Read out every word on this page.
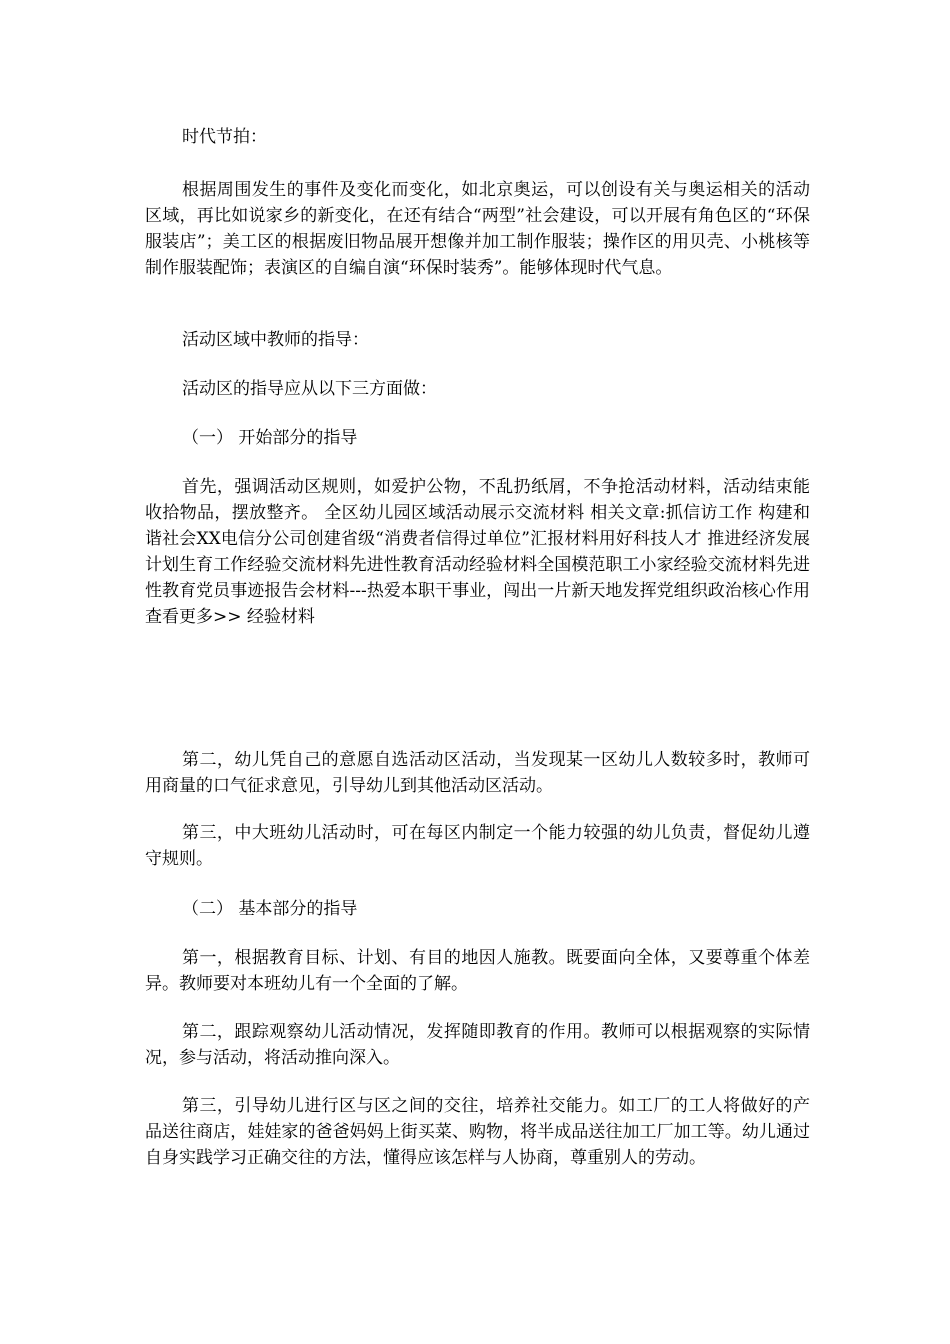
时代节拍：

根据周围发生的事件及变化而变化，如北京奥运，可以创设有关与奥运相关的活动区域，再比如说家乡的新变化，在还有结合“两型”社会建设，可以开展有角色区的“环保服装店”；美工区的根据废旧物品展开想像并加工制作服装；操作区的用贝壳、小桃核等制作服装配饰；表演区的自编自演“环保时装秀”。能够体现时代气息。

活动区域中教师的指导：

活动区的指导应从以下三方面做：

（一） 开始部分的指导

首先，强调活动区规则，如爱护公物，不乱扔纸屑，不争抢活动材料，活动结束能收拾物品，摆放整齐。 全区幼儿园区域活动展示交流材料 相关文章:抓信访工作 构建和谐社会XX电信分公司创建省级“消费者信得过单位”汇报材料用好科技人才 推进经济发展计划生育工作经验交流材料先进性教育活动经验材料全国模范职工小家经验交流材料先进性教育党员事迹报告会材料---热爱本职干事业，闯出一片新天地发挥党组织政治核心作用查看更多>> 经验材料

第二，幼儿凭自己的意愿自选活动区活动，当发现某一区幼儿人数较多时，教师可用商量的口气征求意见，引导幼儿到其他活动区活动。

第三，中大班幼儿活动时，可在每区内制定一个能力较强的幼儿负责，督促幼儿遵守规则。

（二） 基本部分的指导

第一，根据教育目标、计划、有目的地因人施教。既要面向全体，又要尊重个体差异。教师要对本班幼儿有一个全面的了解。

第二，跟踪观察幼儿活动情况，发挥随即教育的作用。教师可以根据观察的实际情况，参与活动，将活动推向深入。

第三，引导幼儿进行区与区之间的交往，培养社交能力。如工厂的工人将做好的产品送往商店，娃娃家的爸爸妈妈上街买菜、购物，将半成品送往加工厂加工等。幼儿通过自身实践学习正确交往的方法，懂得应该怎样与人协商，尊重别人的劳动。
